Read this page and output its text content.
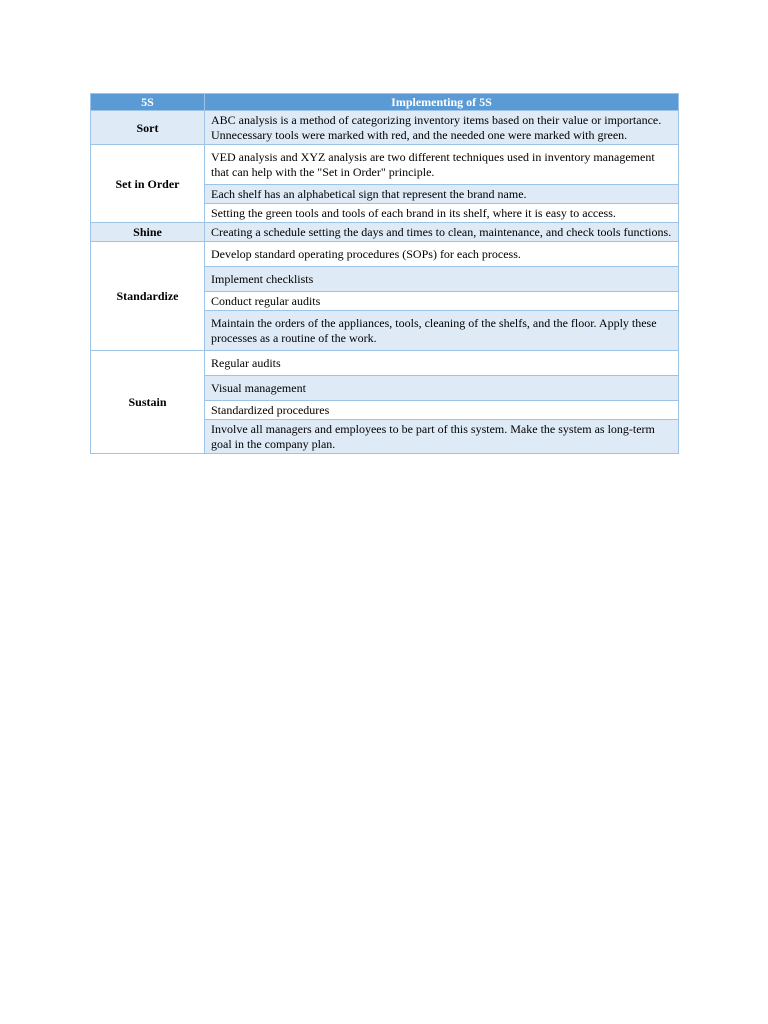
5S	Implementing of 5S
Sort	ABC analysis is a method of categorizing inventory items based on their value or importance. Unnecessary tools were marked with red, and the needed one were marked with green.
Set in Order	VED analysis and XYZ analysis are two different techniques used in inventory management that can help with the "Set in Order" principle.
	Each shelf has an alphabetical sign that represent the brand name.
	Setting the green tools and tools of each brand in its shelf, where it is easy to access.
Shine	Creating a schedule setting the days and times to clean, maintenance, and check tools functions.
Standardize	Develop standard operating procedures (SOPs) for each process.
	Implement checklists
	Conduct regular audits
	Maintain the orders of the appliances, tools, cleaning of the shelfs, and the floor. Apply these processes as a routine of the work.
Sustain	Regular audits
	Visual management
	Standardized procedures
	Involve all managers and employees to be part of this system. Make the system as long-term goal in the company plan.
